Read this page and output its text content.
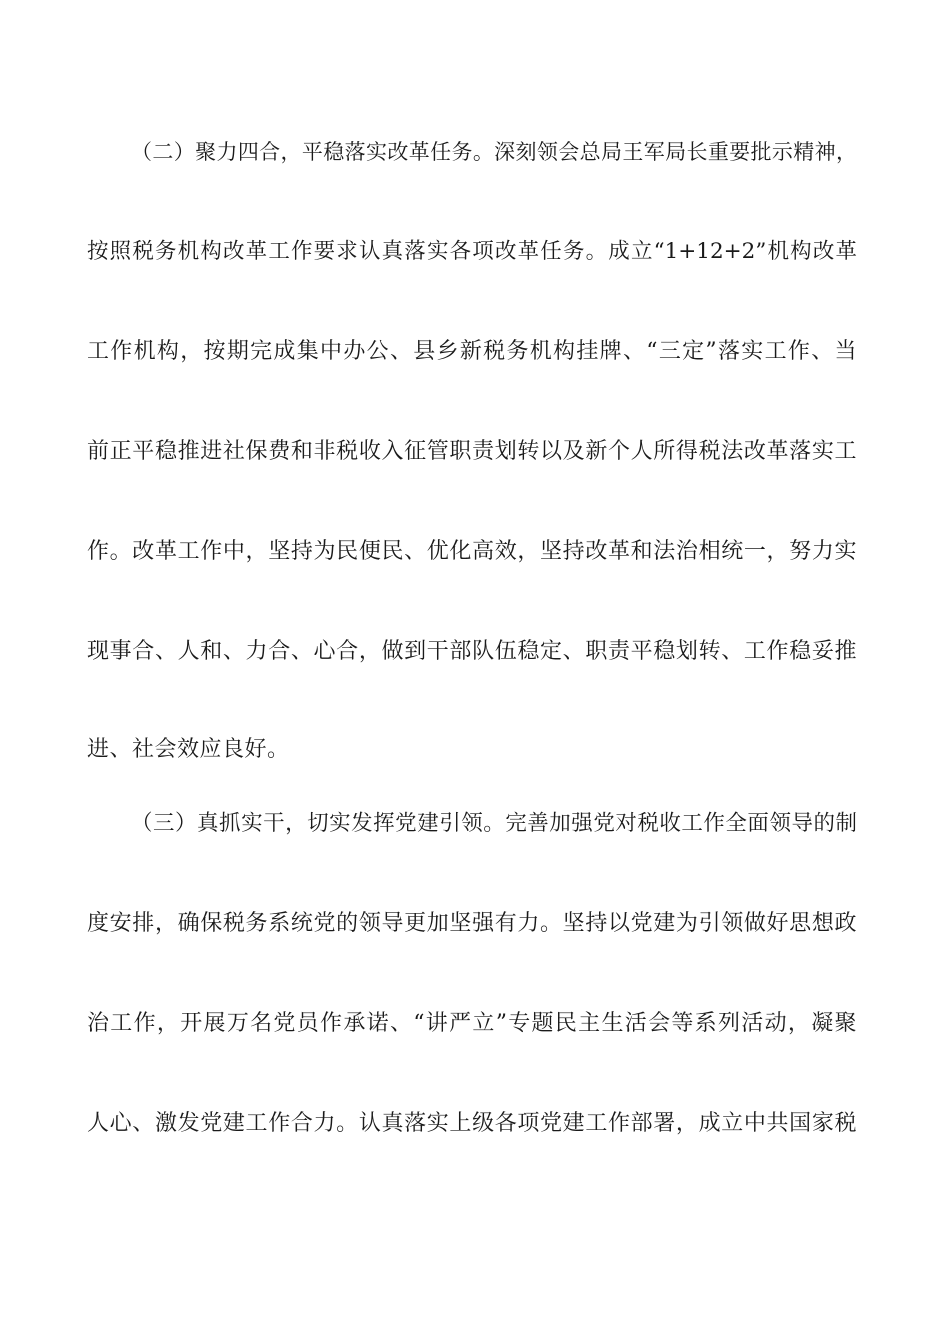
（二）聚力四合，平稳落实改革任务。深刻领会总局王军局长重要批示精神，
按照税务机构改革工作要求认真落实各项改革任务。成立“1+12+2”机构改革
工作机构，按期完成集中办公、县乡新税务机构挂牌、“三定”落实工作、当
前正平稳推进社保费和非税收入征管职责划转以及新个人所得税法改革落实工
作。改革工作中，坚持为民便民、优化高效，坚持改革和法治相统一，努力实
现事合、人和、力合、心合，做到干部队伍稳定、职责平稳划转、工作稳妥推
进、社会效应良好。
（三）真抓实干，切实发挥党建引领。完善加强党对税收工作全面领导的制
度安排，确保税务系统党的领导更加坚强有力。坚持以党建为引领做好思想政
治工作，开展万名党员作承诺、“讲严立”专题民主生活会等系列活动，凝聚
人心、激发党建工作合力。认真落实上级各项党建工作部署，成立中共国家税
